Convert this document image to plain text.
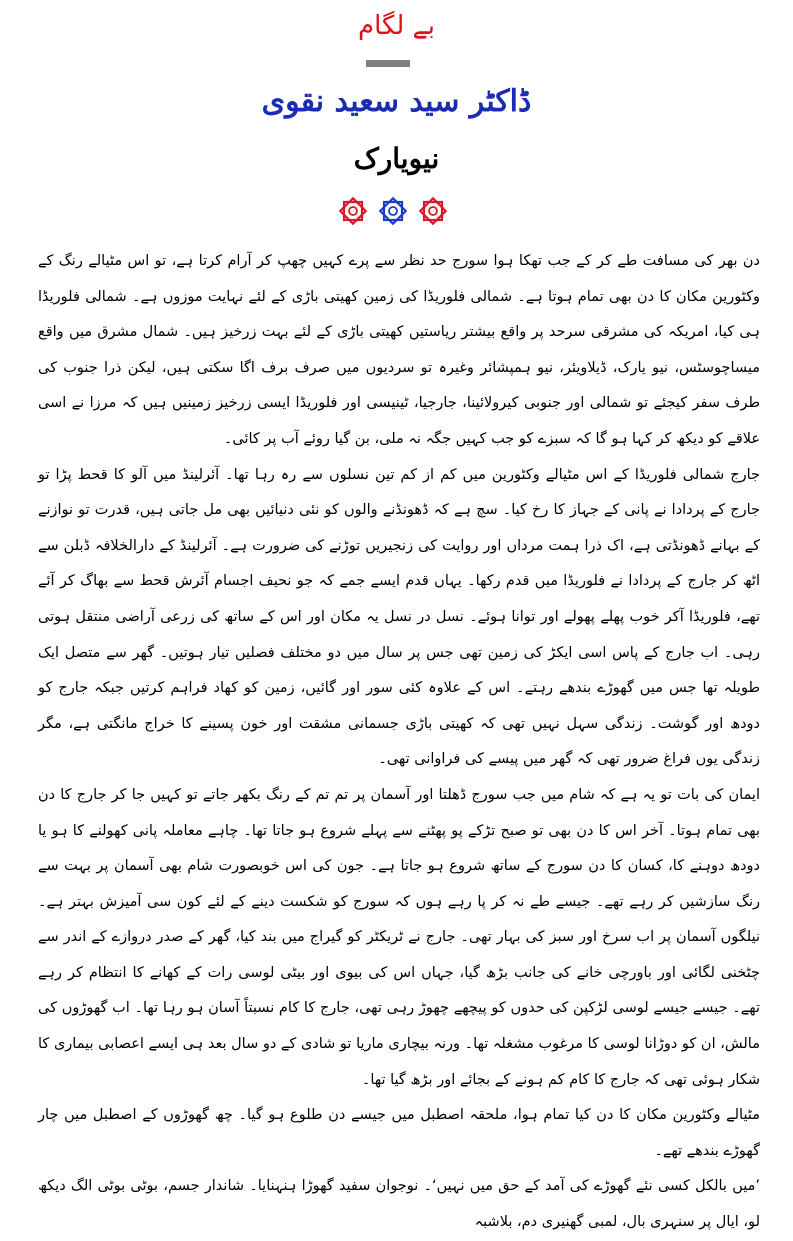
بے لگام
ڈاکٹر سید سعید نقوی
نیویارک

دن بھر کی مسافت طے کر کے جب تھکا ہوا سورج حد نظر سے پرے کہیں چھپ کر آرام کرتا ہے، تو اس مٹیالے رنگ کے وکٹورین مکان کا دن بھی تمام ہوتا ہے۔ شمالی فلوریڈا کی زمین کھیتی باڑی کے لئے نہایت موزوں ہے۔ شمالی فلوریڈا ہی کیا، امریکہ کی مشرقی سرحد پر واقع بیشتر ریاستیں کھیتی باڑی کے لئے بہت زرخیز ہیں۔ شمال مشرق میں واقع میساچوسٹس، نیو یارک، ڈیلاویئر، نیو ہمپشائر وغیرہ تو سردیوں میں صرف برف اگا سکتی ہیں، لیکن ذرا جنوب کی طرف سفر کیجئے تو شمالی اور جنوبی کیرولائینا، جارجیا، ٹینیسی اور فلوریڈا ایسی زرخیز زمینیں ہیں کہ مرزا نے اسی علاقے کو دیکھ کر کہا ہو گا کہ سبزے کو جب کہیں جگہ نہ ملی، بن گیا روئے آب پر کائی۔

جارج شمالی فلوریڈا کے اس مٹیالے وکٹورین میں کم از کم تین نسلوں سے رہ رہا تھا۔ آئرلینڈ میں آلو کا قحط پڑا تو جارج کے پردادا نے پانی کے جہاز کا رخ کیا۔ سچ ہے کہ ڈھونڈنے والوں کو نئی دنیائیں بھی مل جاتی ہیں، قدرت تو نوازنے کے بہانے ڈھونڈتی ہے، اک ذرا ہمت مرداں اور روایت کی زنجیریں توڑنے کی ضرورت ہے۔ آئرلینڈ کے دارالخلافہ ڈبلن سے اٹھ کر جارج کے پردادا نے فلوریڈا میں قدم رکھا۔ یہاں قدم ایسے جمے کہ جو نحیف اجسام آئرش قحط سے بھاگ کر آئے تھے، فلوریڈا آکر خوب پھلے پھولے اور توانا ہوئے۔ نسل در نسل یہ مکان اور اس کے ساتھ کی زرعی آراضی منتقل ہوتی رہی۔ اب جارج کے پاس اسی ایکڑ کی زمین تھی جس پر سال میں دو مختلف فصلیں تیار ہوتیں۔ گھر سے متصل ایک طویلہ تھا جس میں گھوڑے بندھے رہتے۔ اس کے علاوہ کئی سور اور گائیں، زمین کو کھاد فراہم کرتیں جبکہ جارج کو دودھ اور گوشت۔ زندگی سہل نہیں تھی کہ کھیتی باڑی جسمانی مشقت اور خون پسینے کا خراج مانگتی ہے، مگر زندگی یوں فراغ ضرور تھی کہ گھر میں پیسے کی فراوانی تھی۔

ایمان کی بات تو یہ ہے کہ شام میں جب سورج ڈھلتا اور آسمان پر تم تم کے رنگ بکھر جاتے تو کہیں جا کر جارج کا دن بھی تمام ہوتا۔ آخر اس کا دن بھی تو صبح تڑکے پو پھٹنے سے پہلے شروع ہو جاتا تھا۔ چاہے معاملہ پانی کھولنے کا ہو یا دودھ دوہنے کا، کسان کا دن سورج کے ساتھ شروع ہو جاتا ہے۔ جون کی اس خوبصورت شام بھی آسمان پر بہت سے رنگ سازشیں کر رہے تھے۔ جیسے طے نہ کر پا رہے ہوں کہ سورج کو شکست دینے کے لئے کون سی آمیزش بہتر ہے۔ نیلگوں آسمان پر اب سرخ اور سبز کی بہار تھی۔ جارج نے ٹریکٹر کو گیراج میں بند کیا، گھر کے صدر دروازے کے اندر سے چٹخنی لگائی اور باورچی خانے کی جانب بڑھ گیا، جہاں اس کی بیوی اور بیٹی لوسی رات کے کھانے کا انتظام کر رہے تھے۔ جیسے جیسے لوسی لڑکپن کی حدوں کو پیچھے چھوڑ رہی تھی، جارج کا کام نسبتاً آسان ہو رہا تھا۔ اب گھوڑوں کی مالش، ان کو دوڑانا لوسی کا مرغوب مشغلہ تھا۔ ورنہ بیچاری ماریا تو شادی کے دو سال بعد ہی ایسے اعصابی بیماری کا شکار ہوئی تھی کہ جارج کا کام کم ہونے کے بجائے اور بڑھ گیا تھا۔

مٹیالے وکٹورین مکان کا دن کیا تمام ہوا، ملحقہ اصطبل میں جیسے دن طلوع ہو گیا۔ چھ گھوڑوں کے اصطبل میں چار گھوڑے بندھے تھے۔

’میں بالکل کسی نئے گھوڑے کی آمد کے حق میں نہیں‘۔ نوجوان سفید گھوڑا ہنہنایا۔ شاندار جسم، بوٹی بوٹی الگ دیکھ لو، ایال پر سنہری بال، لمبی گھنیری دم، بلاشبہ
